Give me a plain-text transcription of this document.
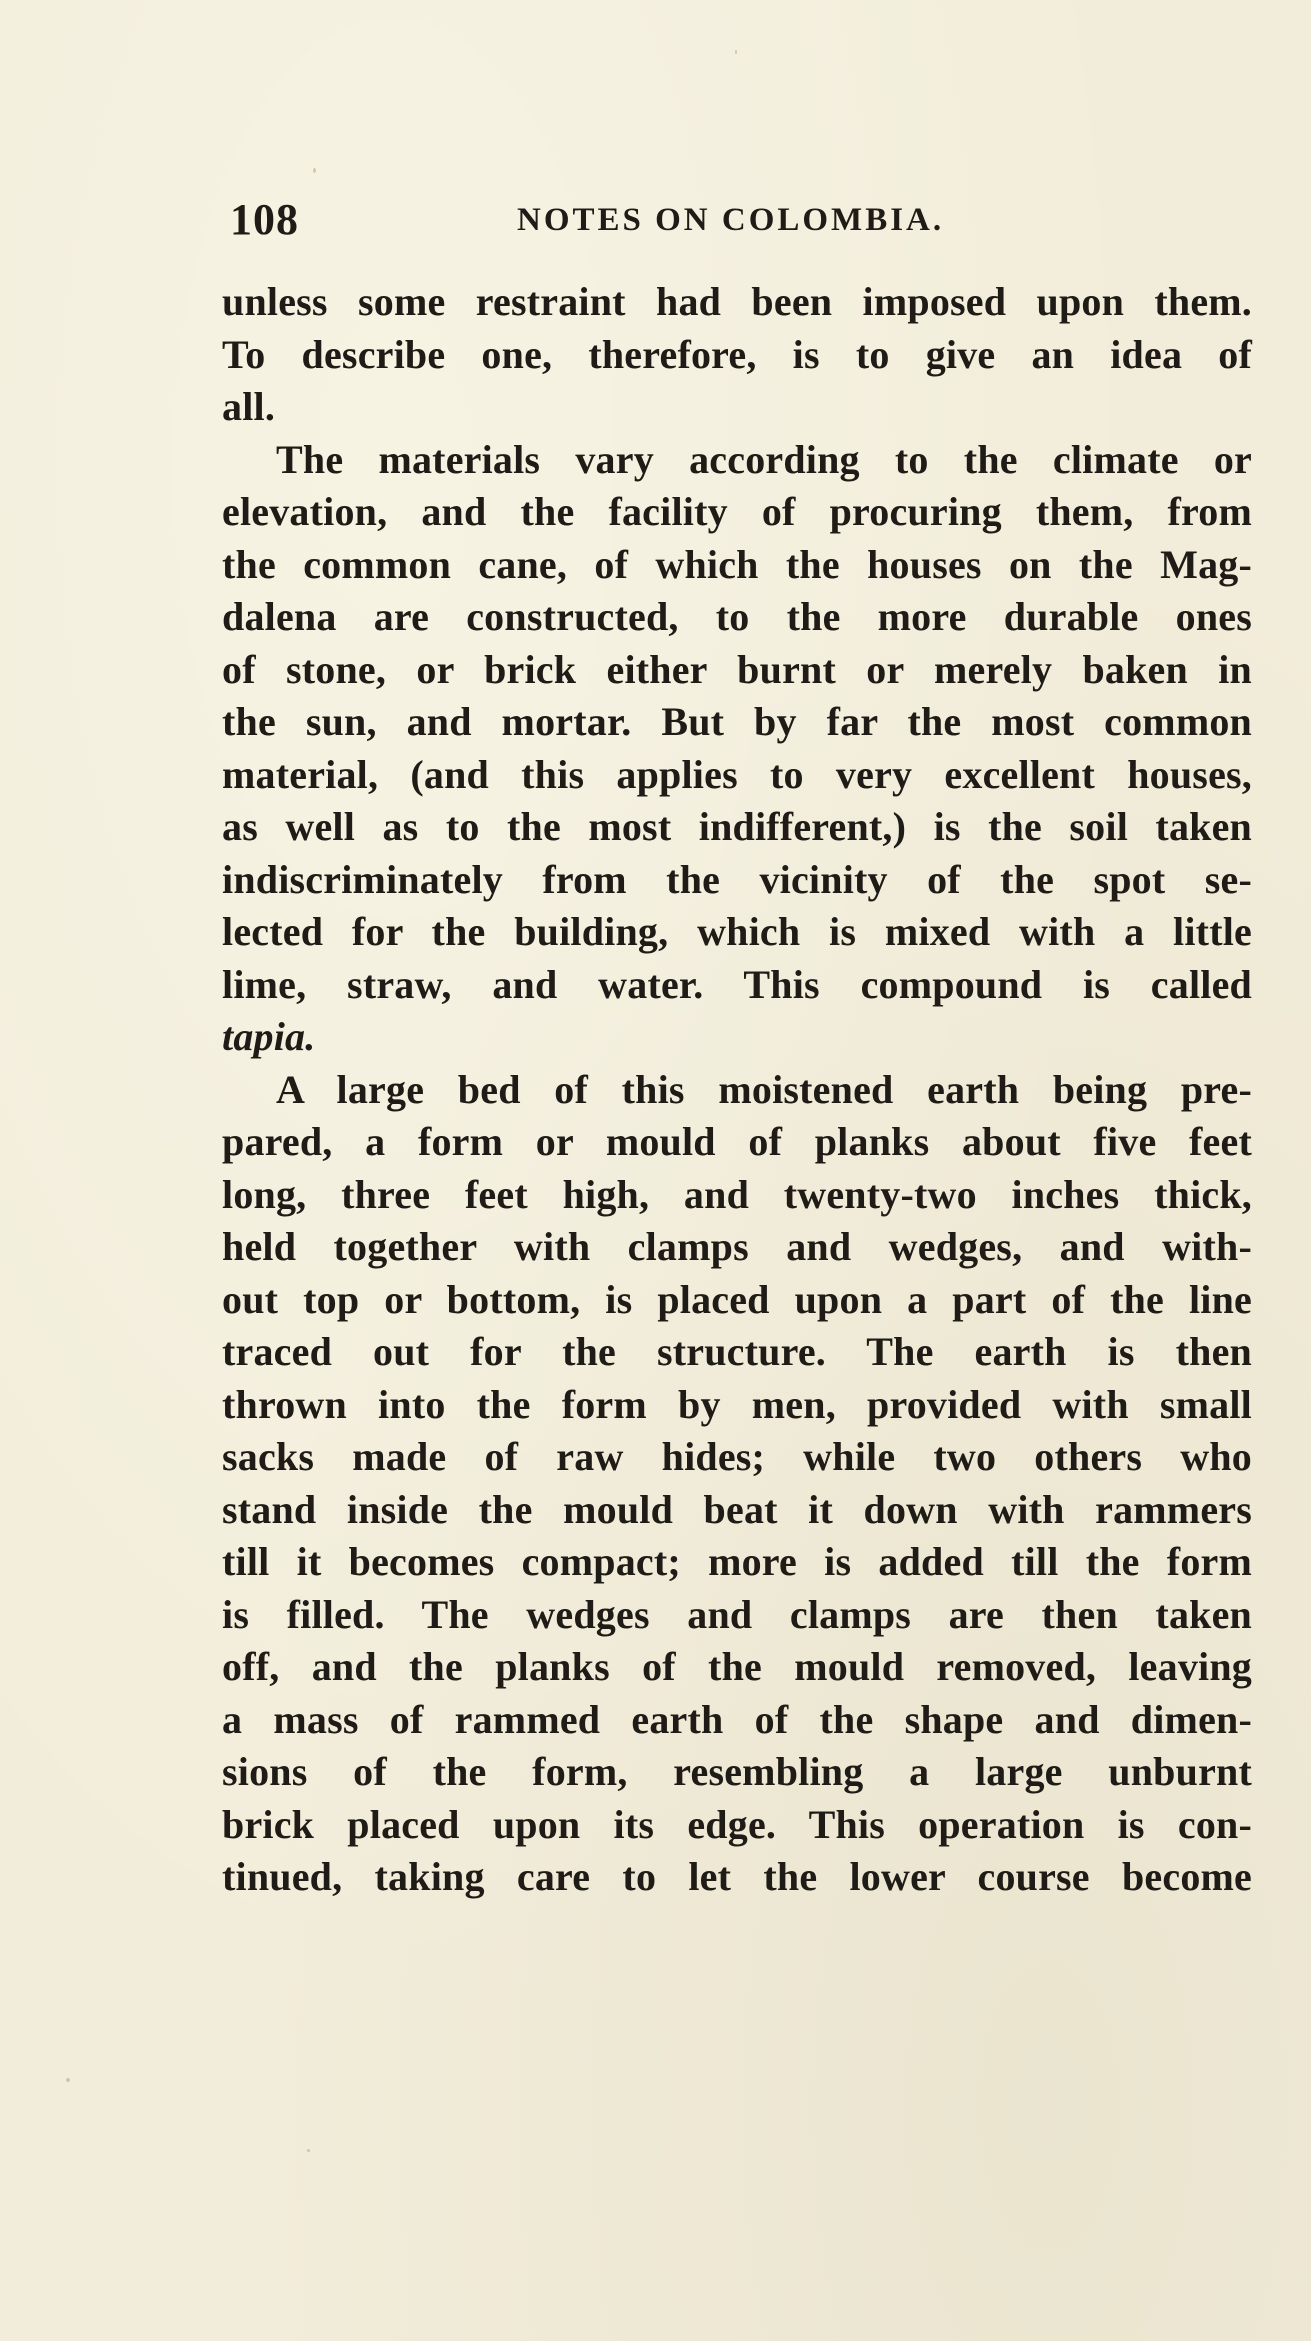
108	NOTES ON COLOMBIA.
unless some restraint had been imposed upon them.
To describe one, therefore, is to give an idea of
all.
The materials vary according to the climate or
elevation, and the facility of procuring them, from
the common cane, of which the houses on the Mag-
dalena are constructed, to the more durable ones
of stone, or brick either burnt or merely baken in
the sun, and mortar. But by far the most common
material, (and this applies to very excellent houses,
as well as to the most indifferent,) is the soil taken
indiscriminately from the vicinity of the spot se-
lected for the building, which is mixed with a little
lime, straw, and water. This compound is called
tapia.
A large bed of this moistened earth being pre-
pared, a form or mould of planks about five feet
long, three feet high, and twenty-two inches thick,
held together with clamps and wedges, and with-
out top or bottom, is placed upon a part of the line
traced out for the structure. The earth is then
thrown into the form by men, provided with small
sacks made of raw hides; while two others who
stand inside the mould beat it down with rammers
till it becomes compact; more is added till the form
is filled. The wedges and clamps are then taken
off, and the planks of the mould removed, leaving
a mass of rammed earth of the shape and dimen-
sions of the form, resembling a large unburnt
brick placed upon its edge. This operation is con-
tinued, taking care to let the lower course become
